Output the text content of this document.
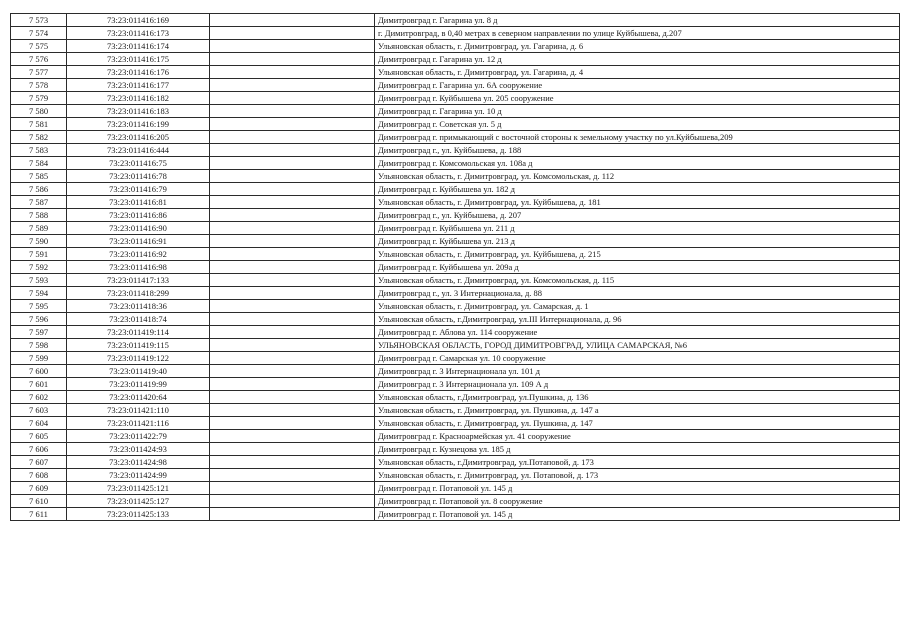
7 573	73:23:011416:169		Димитровград г. Гагарина ул. 8 д
7 574	73:23:011416:173		г. Димитровград, в 0,40 метрах в северном направлении по улице Куйбышева, д.207
7 575	73:23:011416:174		Ульяновская область, г. Димитровград, ул. Гагарина, д. 6
7 576	73:23:011416:175		Димитровград г. Гагарина ул. 12 д
7 577	73:23:011416:176		Ульяновская область, г. Димитровград, ул. Гагарина, д. 4
7 578	73:23:011416:177		Димитровград г. Гагарина ул. 6А сооружение
7 579	73:23:011416:182		Димитровград г. Куйбышева ул. 205 сооружение
7 580	73:23:011416:183		Димитровград г. Гагарина ул. 10 д
7 581	73:23:011416:199		Димитровград г. Советская ул. 5 д
7 582	73:23:011416:205		Димитровград г. примыкающий с восточной стороны к земельному участку по ул.Куйбышева,209
7 583	73:23:011416:444		Димитровград г., ул. Куйбышева, д. 188
7 584	73:23:011416:75		Димитровград г. Комсомольская ул. 108а д
7 585	73:23:011416:78		Ульяновская область, г. Димитровград, ул. Комсомольская, д. 112
7 586	73:23:011416:79		Димитровград г. Куйбышева ул. 182 д
7 587	73:23:011416:81		Ульяновская область, г. Димитровград, ул. Куйбышева, д. 181
7 588	73:23:011416:86		Димитровград г., ул. Куйбышева, д. 207
7 589	73:23:011416:90		Димитровград г. Куйбышева ул. 211 д
7 590	73:23:011416:91		Димитровград г. Куйбышева ул. 213 д
7 591	73:23:011416:92		Ульяновская область, г. Димитровград, ул. Куйбышева, д. 215
7 592	73:23:011416:98		Димитровград г. Куйбышева ул. 209а д
7 593	73:23:011417:133		Ульяновская область, г. Димитровград, ул. Комсомольская, д. 115
7 594	73:23:011418:299		Димитровград г., ул. 3 Интернационала, д. 88
7 595	73:23:011418:36		Ульяновская область, г. Димитровград, ул. Самарская, д. 1
7 596	73:23:011418:74		Ульяновская область, г.Димитровград, ул.III Интернационала, д. 96
7 597	73:23:011419:114		Димитровград г. Аблова ул. 114 сооружение
7 598	73:23:011419:115		УЛЬЯНОВСКАЯ ОБЛАСТЬ, ГОРОД ДИМИТРОВГРАД, УЛИЦА САМАРСКАЯ, №6
7 599	73:23:011419:122		Димитровград г. Самарская ул. 10 сооружение
7 600	73:23:011419:40		Димитровград г. 3 Интернационала ул. 101 д
7 601	73:23:011419:99		Димитровград г. 3 Интернационала ул. 109 А д
7 602	73:23:011420:64		Ульяновская область, г.Димитровград, ул.Пушкина, д. 136
7 603	73:23:011421:110		Ульяновская область, г. Димитровград, ул. Пушкина, д. 147 а
7 604	73:23:011421:116		Ульяновская область, г. Димитровград, ул. Пушкина, д. 147
7 605	73:23:011422:79		Димитровград г. Красноармейская ул. 41 сооружение
7 606	73:23:011424:93		Димитровград г. Кузнецова ул. 185 д
7 607	73:23:011424:98		Ульяновская область, г.Димитровград, ул.Потаповой, д. 173
7 608	73:23:011424:99		Ульяновская область, г. Димитровград, ул. Потаповой, д. 173
7 609	73:23:011425:121		Димитровград г. Потаповой ул. 145 д
7 610	73:23:011425:127		Димитровград г. Потаповой ул. 8 сооружение
7 611	73:23:011425:133		Димитровград г. Потаповой ул. 145 д
